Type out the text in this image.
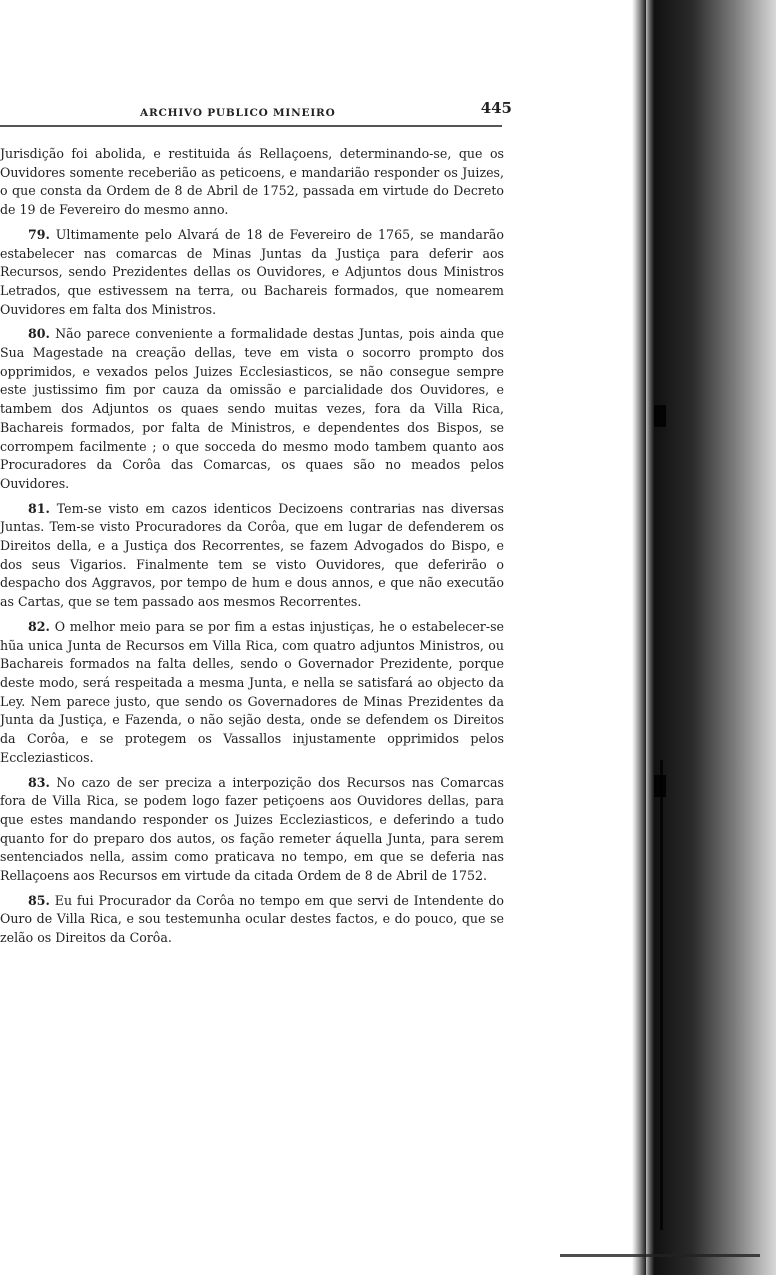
ARCHIVO PUBLICO MINEIRO	445

Jurisdição foi abolida, e restituida ás Rellaçoens, determinando-se, que os Ouvidores somente receberião as peticoens, e mandarião responder os Juizes, o que consta da Ordem de 8 de Abril de 1752, passada em virtude do Decreto de 19 de Fevereiro do mesmo anno.

79. Ultimamente pelo Alvará de 18 de Fevereiro de 1765, se mandarão estabelecer nas comarcas de Minas Juntas da Justiça para deferir aos Recursos, sendo Prezidentes dellas os Ouvidores, e Adjuntos dous Ministros Letrados, que estivessem na terra, ou Bachareis formados, que nomearem Ouvidores em falta dos Ministros.

80. Não parece conveniente a formalidade destas Juntas, pois ainda que Sua Magestade na creação dellas, teve em vista o socorro prompto dos opprimidos, e vexados pelos Juizes Ecclesiasticos, se não consegue sempre este justissimo fim por cauza da omissão e parcialidade dos Ouvidores, e tambem dos Adjuntos os quaes sendo muitas vezes, fora da Villa Rica, Bachareis formados, por falta de Ministros, e dependentes dos Bispos, se corrompem facilmente ; o que socceda do mesmo modo tambem quanto aos Procuradores da Corôa das Comarcas, os quaes são no meados pelos Ouvidores.

81. Tem-se visto em cazos identicos Decizoens contrarias nas diversas Juntas. Tem-se visto Procuradores da Corôa, que em lugar de defenderem os Direitos della, e a Justiça dos Recorrentes, se fazem Advogados do Bispo, e dos seus Vigarios. Finalmente tem se visto Ouvidores, que deferirão o despacho dos Aggravos, por tempo de hum e dous annos, e que não executão as Cartas, que se tem passado aos mesmos Recorrentes.

82. O melhor meio para se por fim a estas injustiças, he o estabelecer-se hũa unica Junta de Recursos em Villa Rica, com quatro adjuntos Ministros, ou Bachareis formados na falta delles, sendo o Governador Prezidente, porque deste modo, será respeitada a mesma Junta, e nella se satisfará ao objecto da Ley. Nem parece justo, que sendo os Governadores de Minas Prezidentes da Junta da Justiça, e Fazenda, o não sejão desta, onde se defendem os Direitos da Corôa, e se protegem os Vassallos injustamente opprimidos pelos Eccleziasticos.

83. No cazo de ser preciza a interpozição dos Recursos nas Comarcas fora de Villa Rica, se podem logo fazer petiçoens aos Ouvidores dellas, para que estes mandando responder os Juizes Eccleziasticos, e deferindo a tudo quanto for do preparo dos autos, os fação remeter áquella Junta, para serem sentenciados nella, assim como praticava no tempo, em que se deferia nas Rellaçoens aos Recursos em virtude da citada Ordem de 8 de Abril de 1752.

85. Eu fui Procurador da Corôa no tempo em que servi de Intendente do Ouro de Villa Rica, e sou testemunha ocular destes factos, e do pouco, que se zelão os Direitos da Corôa.
